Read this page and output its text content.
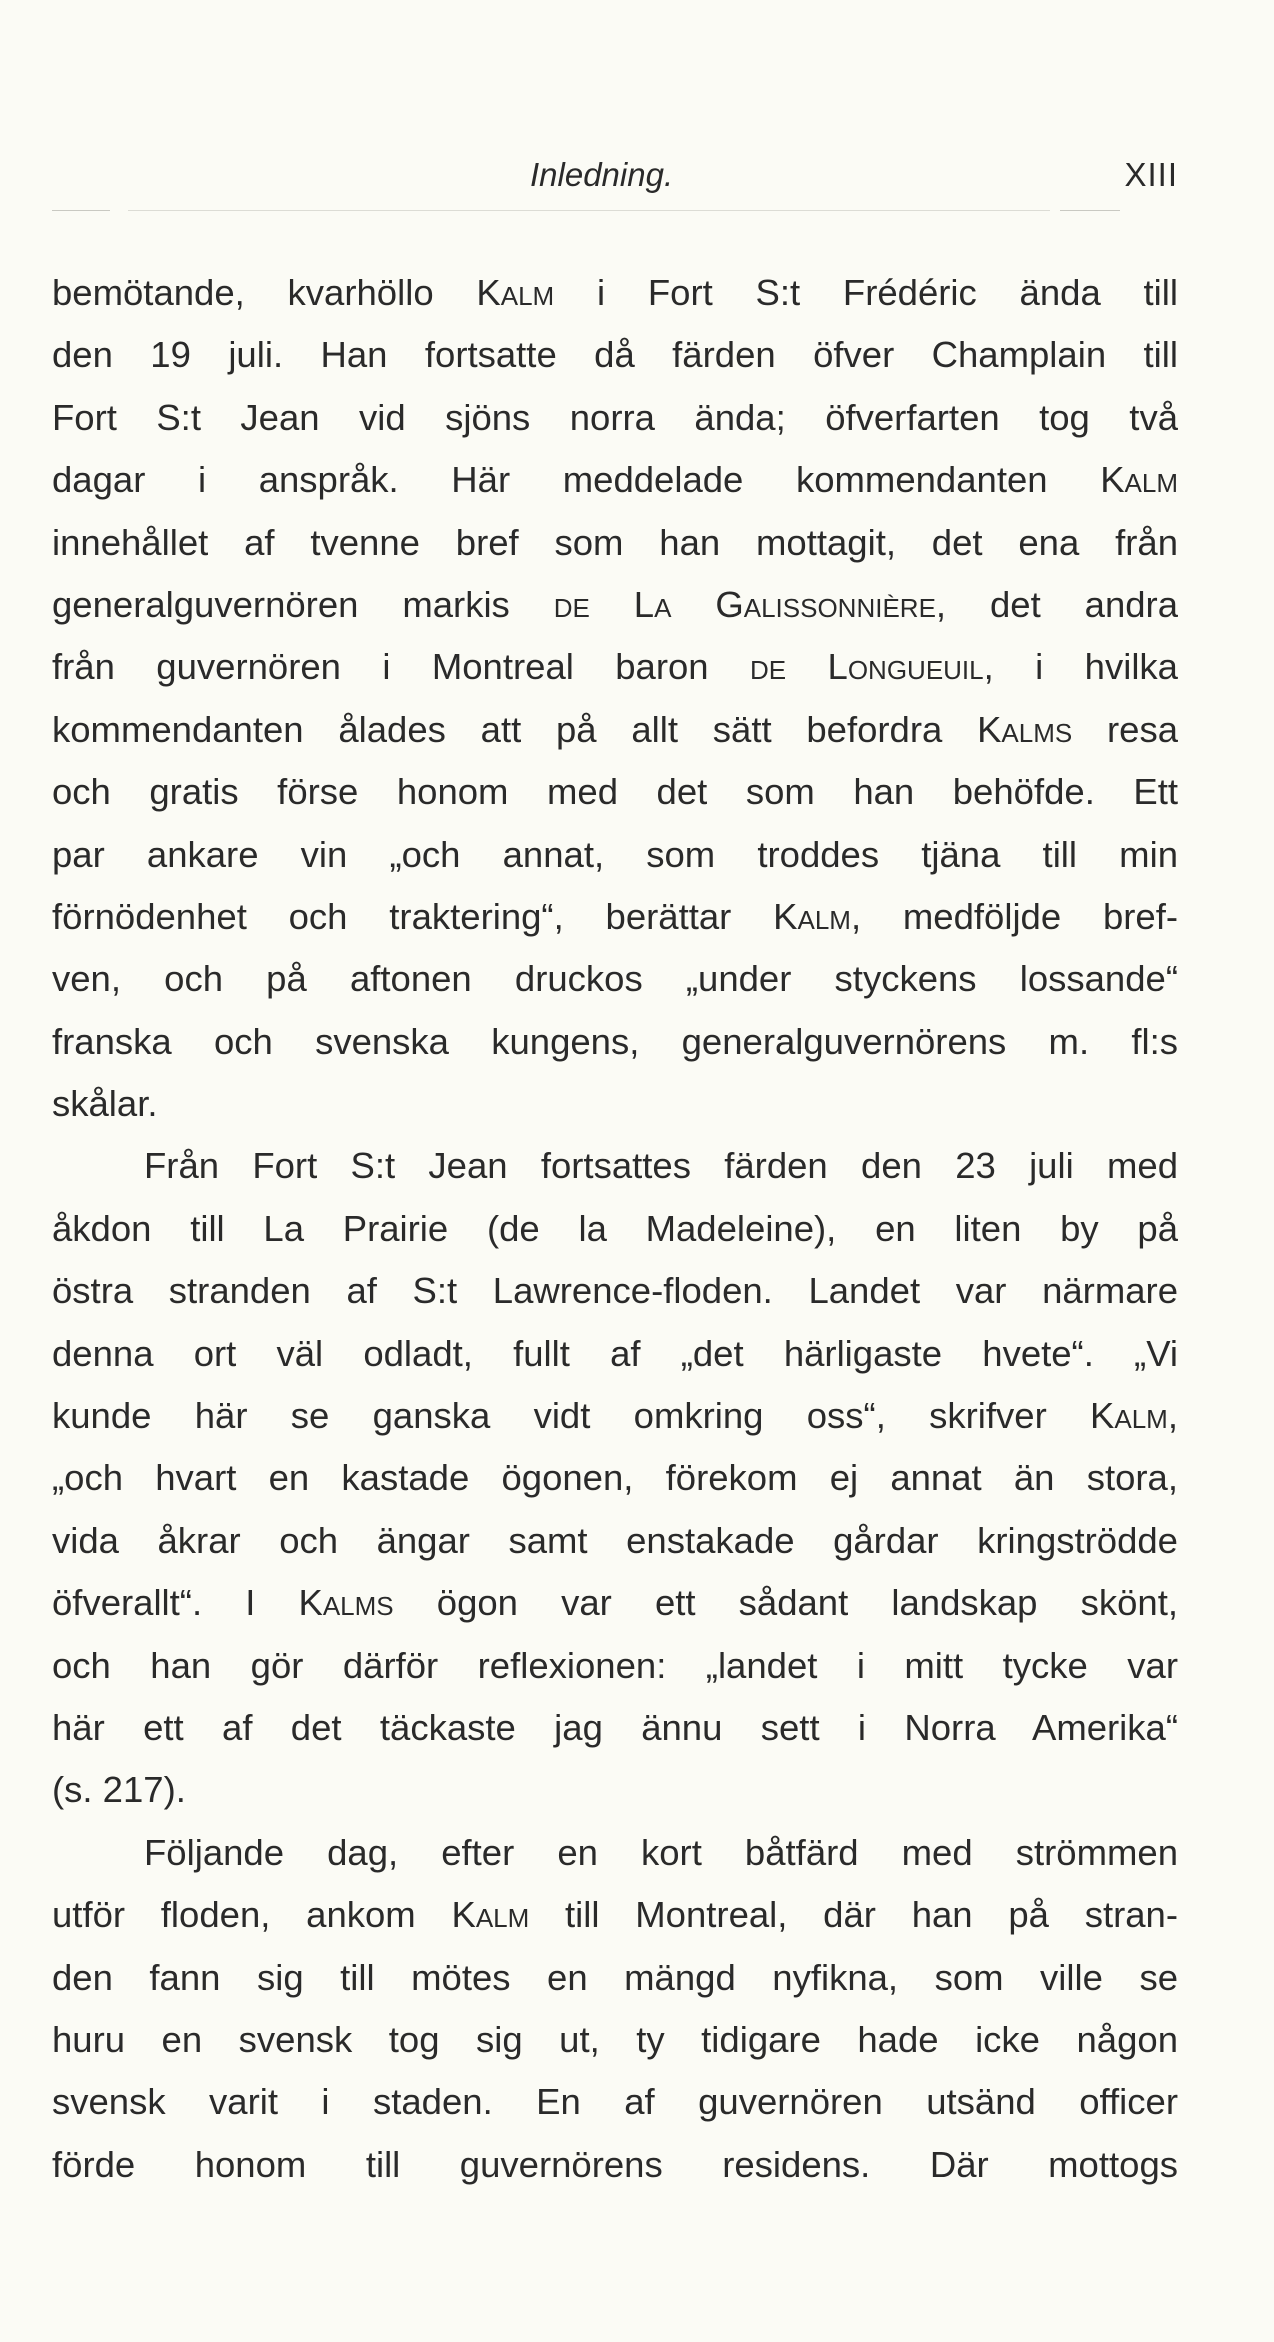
Inledning.	XIII
bemötande, kvarhöllo Kalm i Fort S:t Frédéric ända till
den 19 juli. Han fortsatte då färden öfver Champlain till
Fort S:t Jean vid sjöns norra ända; öfverfarten tog två
dagar i anspråk. Här meddelade kommendanten Kalm
innehållet af tvenne bref som han mottagit, det ena från
generalguvernören markis de La Galissonnière, det andra
från guvernören i Montreal baron de Longueuil, i hvilka
kommendanten ålades att på allt sätt befordra Kalms resa
och gratis förse honom med det som han behöfde. Ett
par ankare vin „och annat, som troddes tjäna till min
förnödenhet och traktering“, berättar Kalm, medföljde bref-
ven, och på aftonen druckos „under styckens lossande“
franska och svenska kungens, generalguvernörens m. fl:s
skålar.
Från Fort S:t Jean fortsattes färden den 23 juli med
åkdon till La Prairie (de la Madeleine), en liten by på
östra stranden af S:t Lawrence-floden. Landet var närmare
denna ort väl odladt, fullt af „det härligaste hvete“. „Vi
kunde här se ganska vidt omkring oss“, skrifver Kalm,
„och hvart en kastade ögonen, förekom ej annat än stora,
vida åkrar och ängar samt enstakade gårdar kringströdde
öfverallt“. I Kalms ögon var ett sådant landskap skönt,
och han gör därför reflexionen: „landet i mitt tycke var
här ett af det täckaste jag ännu sett i Norra Amerika“
(s. 217).
Följande dag, efter en kort båtfärd med strömmen
utför floden, ankom Kalm till Montreal, där han på stran-
den fann sig till mötes en mängd nyfikna, som ville se
huru en svensk tog sig ut, ty tidigare hade icke någon
svensk varit i staden. En af guvernören utsänd officer
förde honom till guvernörens residens. Där mottogs
